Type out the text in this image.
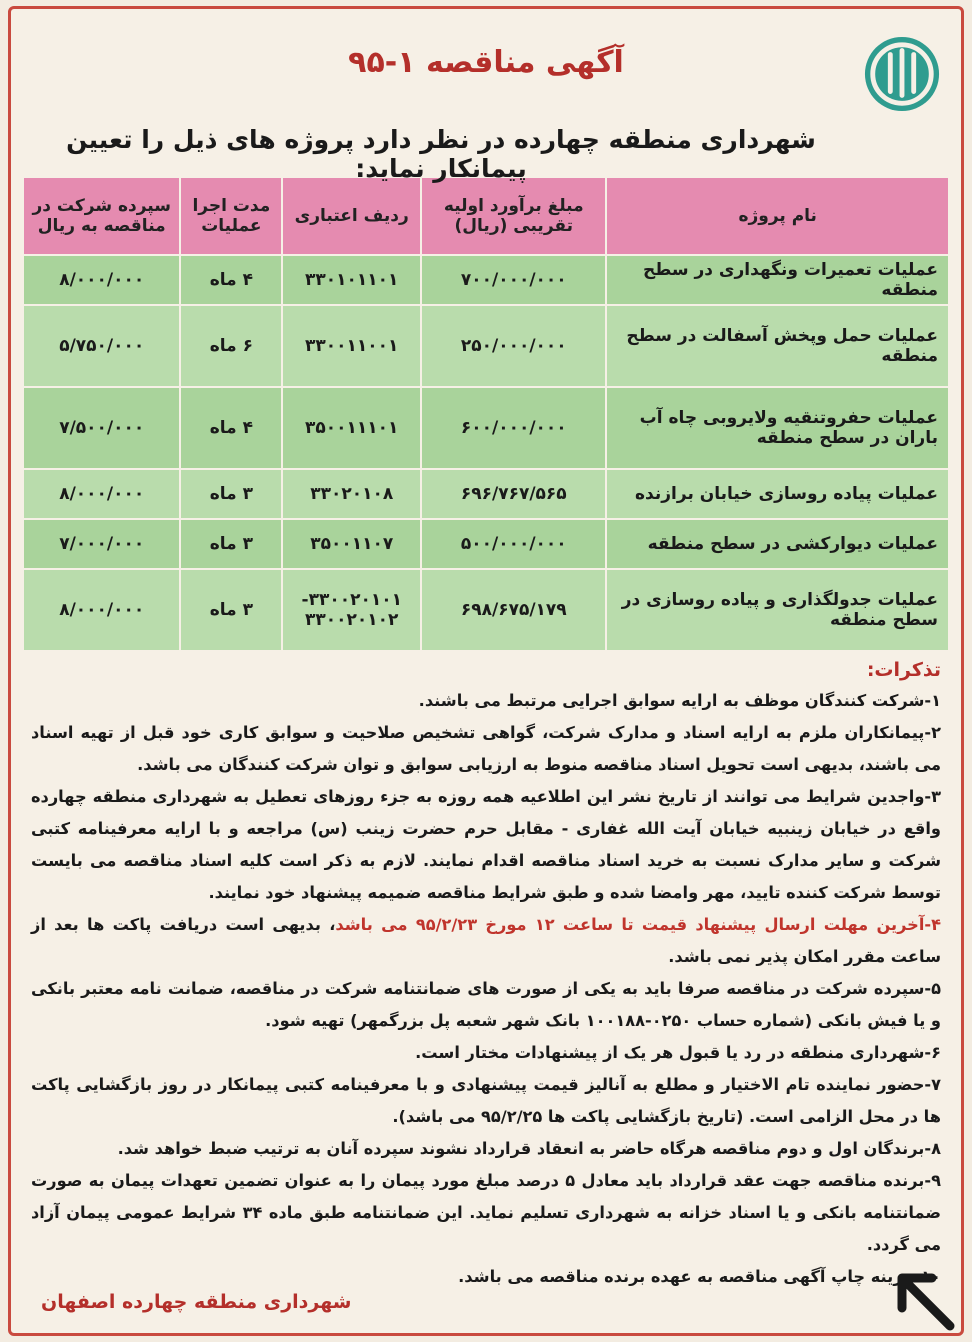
آگهی مناقصه ۱-۹۵
شهرداری منطقه چهارده در نظر دارد پروژه های ذیل را تعیین پیمانکار نماید:
نام پروژه	مبلغ برآورد اولیه تقریبی (ریال)	ردیف اعتباری	مدت اجرا عملیات	سپرده شرکت در مناقصه به ریال
عملیات تعمیرات ونگهداری در سطح منطقه	۷۰۰/۰۰۰/۰۰۰	۳۳۰۱۰۱۱۰۱	۴ ماه	۸/۰۰۰/۰۰۰
عملیات حمل وپخش آسفالت در سطح منطقه	۲۵۰/۰۰۰/۰۰۰	۳۳۰۰۱۱۰۰۱	۶ ماه	۵/۷۵۰/۰۰۰
عملیات حفروتنقیه ولایروبی چاه آب باران در سطح منطقه	۶۰۰/۰۰۰/۰۰۰	۳۵۰۰۱۱۱۰۱	۴ ماه	۷/۵۰۰/۰۰۰
عملیات پیاده روسازی خیابان برازنده	۶۹۶/۷۶۷/۵۶۵	۳۳۰۲۰۱۰۸	۳ ماه	۸/۰۰۰/۰۰۰
عملیات دیوارکشی در سطح منطقه	۵۰۰/۰۰۰/۰۰۰	۳۵۰۰۱۱۰۷	۳ ماه	۷/۰۰۰/۰۰۰
عملیات جدولگذاری و پیاده روسازی در سطح منطقه	۶۹۸/۶۷۵/۱۷۹	۳۳۰۰۲۰۱۰۱- ۳۳۰۰۲۰۱۰۲	۳ ماه	۸/۰۰۰/۰۰۰
تذکرات:

۱-شرکت کنندگان موظف به ارایه سوابق اجرایی مرتبط می باشند.

۲-پیمانکاران ملزم به ارایه اسناد و مدارک شرکت، گواهی تشخیص صلاحیت و سوابق کاری خود قبل از تهیه اسناد می باشند، بدیهی است تحویل اسناد مناقصه منوط به ارزیابی سوابق و توان شرکت کنندگان می باشد.

۳-واجدین شرایط می توانند از تاریخ نشر این اطلاعیه همه روزه به جزء روزهای تعطیل به شهرداری منطقه چهارده واقع در خیابان زینبیه خیابان آیت الله غفاری - مقابل حرم حضرت زینب (س) مراجعه و با ارایه معرفینامه کتبی شرکت و سایر مدارک نسبت به خرید اسناد مناقصه اقدام نمایند. لازم به ذکر است کلیه اسناد مناقصه می بایست توسط شرکت کننده تایید، مهر وامضا شده و طبق شرایط مناقصه ضمیمه پیشنهاد خود نمایند.

۴-آخرین مهلت ارسال پیشنهاد قیمت تا ساعت ۱۲ مورخ ۹۵/۲/۲۳ می باشد، بدیهی است دریافت پاکت ها بعد از ساعت مقرر امکان پذیر نمی باشد.

۵-سپرده شرکت در مناقصه صرفا باید به یکی از صورت های ضمانتنامه شرکت در مناقصه، ضمانت نامه معتبر بانکی و یا فیش بانکی (شماره حساب ۰۲۵۰-۱۰۰۱۸۸ بانک شهر شعبه پل بزرگمهر) تهیه شود.

۶-شهرداری منطقه در رد یا قبول هر یک از پیشنهادات مختار است.

۷-حضور نماینده تام الاختیار و مطلع به آنالیز قیمت پیشنهادی و با معرفینامه کتبی پیمانکار در روز بازگشایی پاکت ها در محل الزامی است. (تاریخ بازگشایی پاکت ها ۹۵/۲/۲۵ می باشد).

۸-برندگان اول و دوم مناقصه هرگاه حاضر به انعقاد قرارداد نشوند سپرده آنان به ترتیب ضبط خواهد شد.

۹-برنده مناقصه جهت عقد قرارداد باید معادل ۵ درصد مبلغ مورد پیمان را به عنوان تضمین تعهدات پیمان به صورت ضمانتنامه بانکی و یا اسناد خزانه به شهرداری تسلیم نماید. این ضمانتنامه طبق ماده ۳۴ شرایط عمومی پیمان آزاد می گردد.

۱۰-هزینه چاپ آگهی مناقصه به عهده برنده مناقصه می باشد.

شهرداری منطقه چهارده اصفهان
